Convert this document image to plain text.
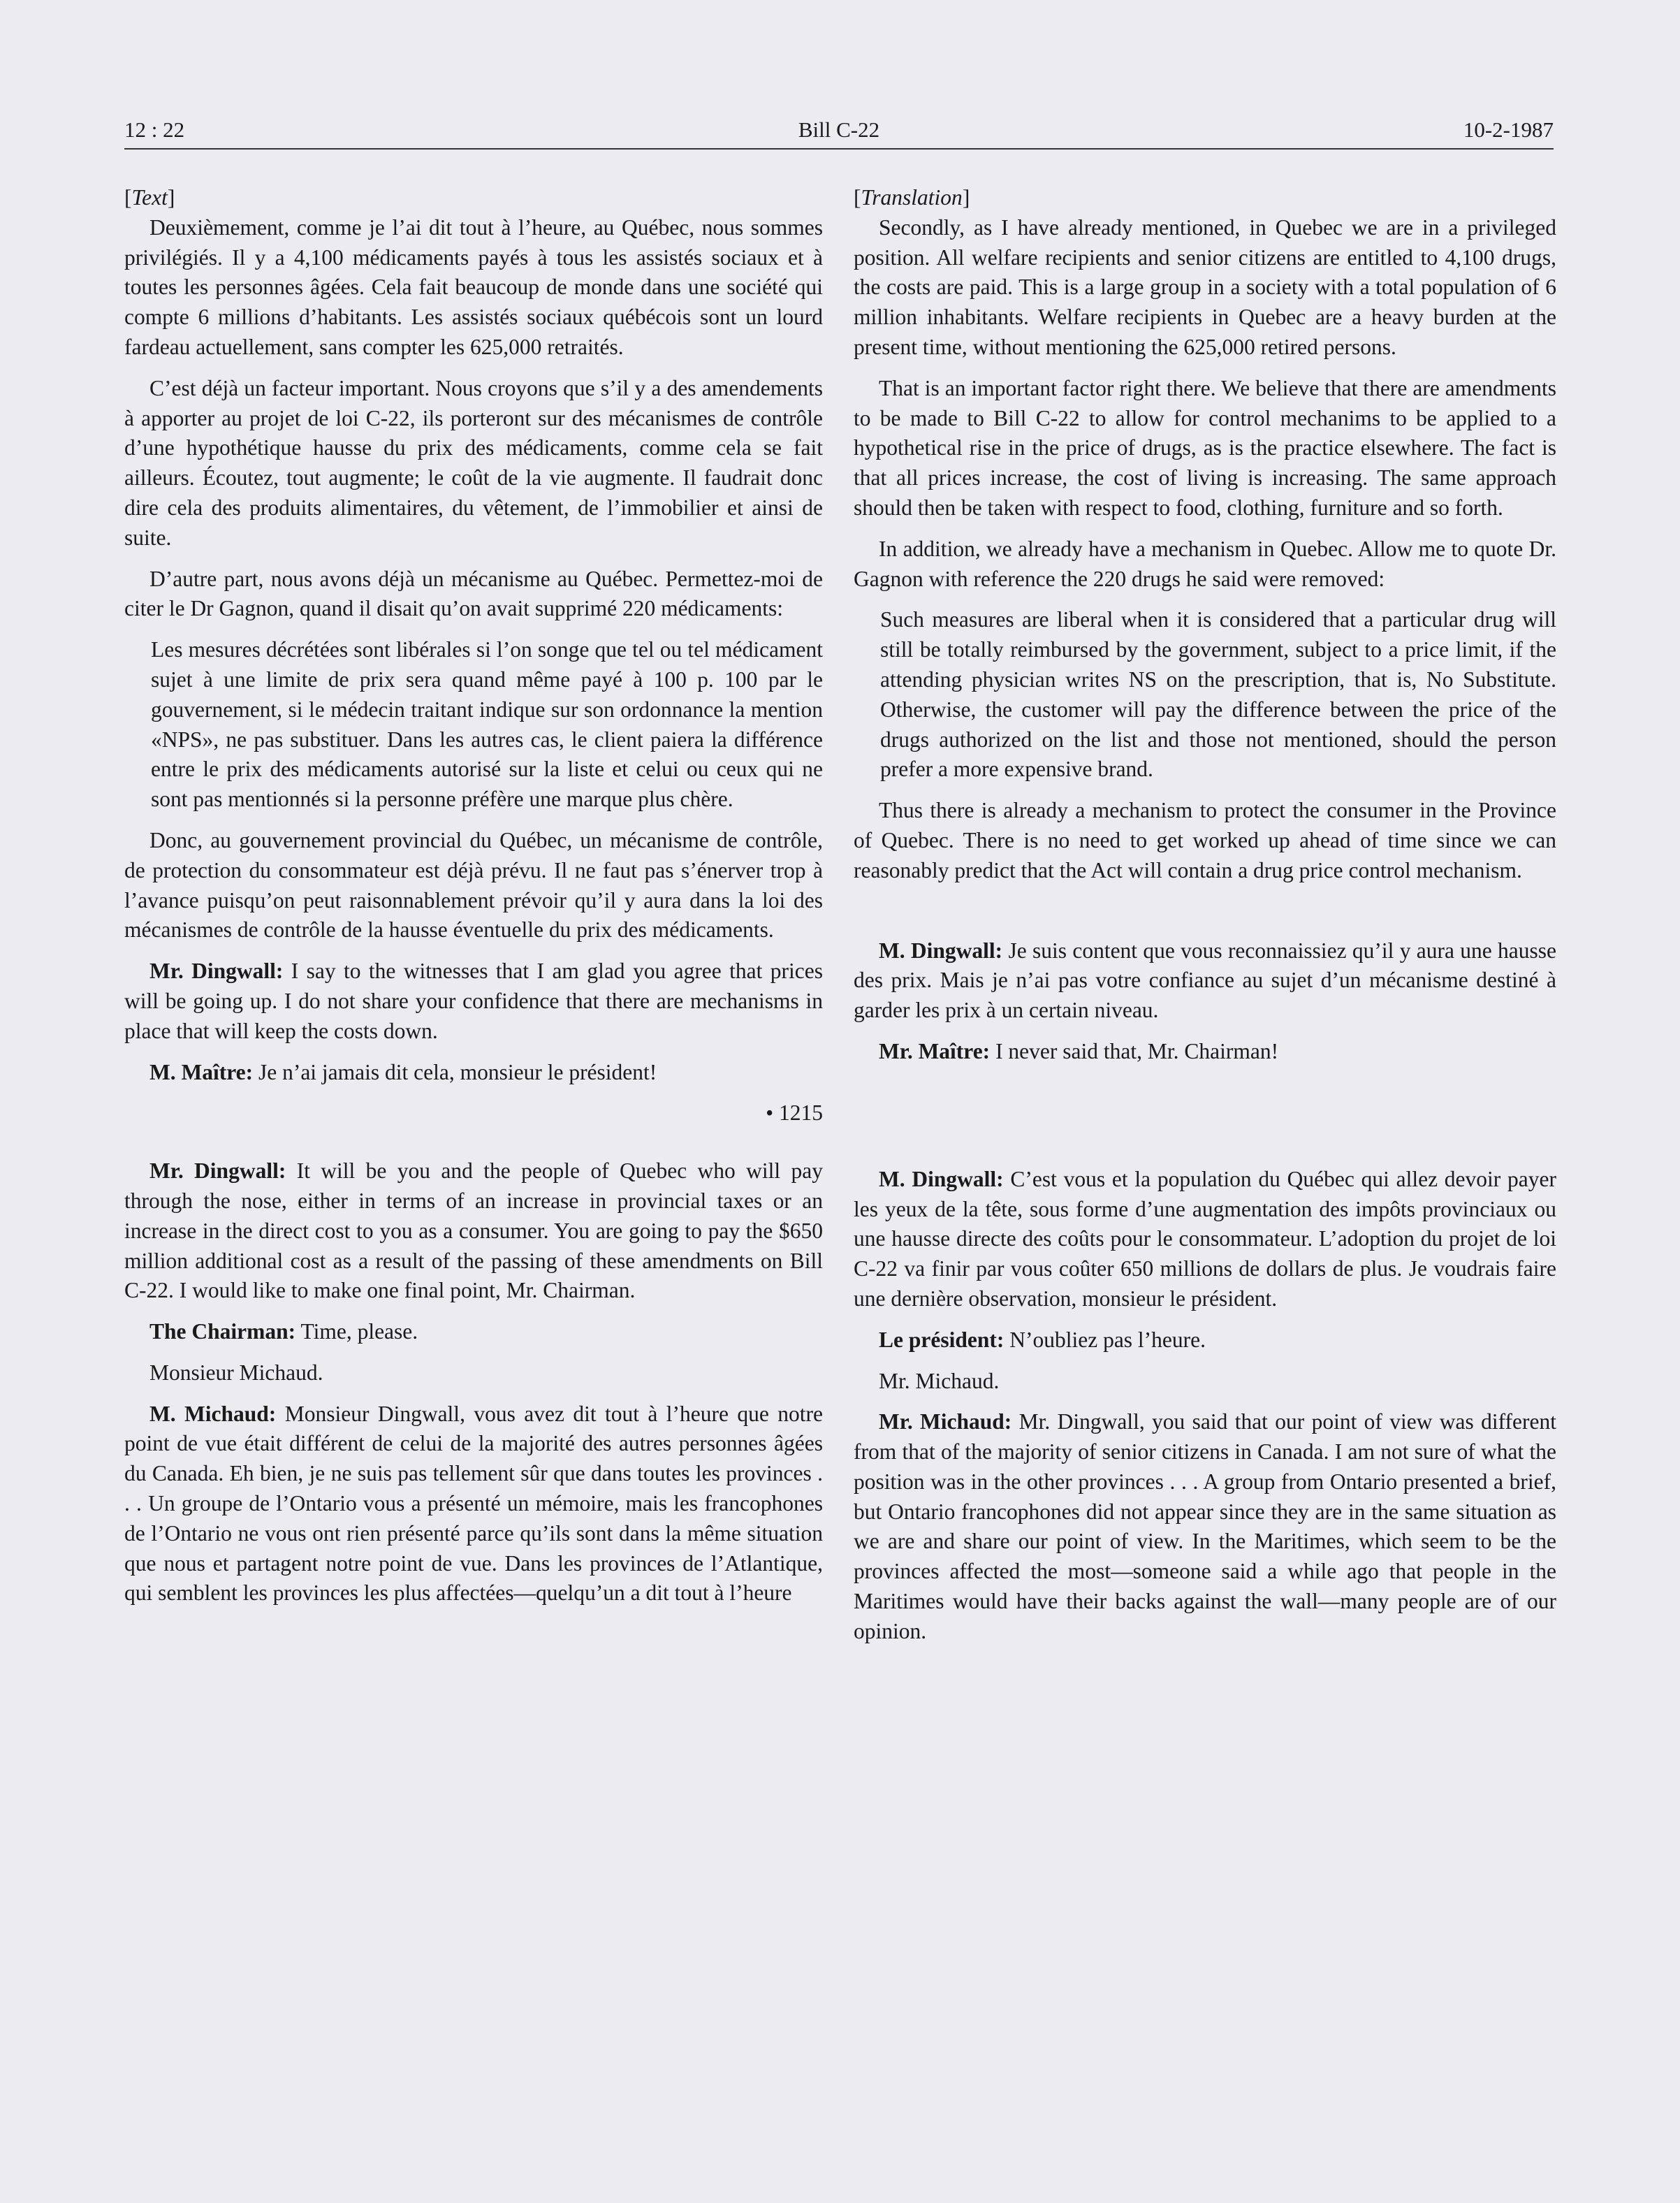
12 : 22	Bill C-22	10-2-1987

[Text]

Deuxièmement, comme je l’ai dit tout à l’heure, au Québec, nous sommes privilégiés. Il y a 4,100 médicaments payés à tous les assistés sociaux et à toutes les personnes âgées. Cela fait beaucoup de monde dans une société qui compte 6 millions d’habitants. Les assistés sociaux québécois sont un lourd fardeau actuellement, sans compter les 625,000 retraités.

C’est déjà un facteur important. Nous croyons que s’il y a des amendements à apporter au projet de loi C-22, ils porteront sur des mécanismes de contrôle d’une hypothétique hausse du prix des médicaments, comme cela se fait ailleurs. Écoutez, tout augmente; le coût de la vie augmente. Il faudrait donc dire cela des produits alimentaires, du vêtement, de l’immobilier et ainsi de suite.

D’autre part, nous avons déjà un mécanisme au Québec. Permettez-moi de citer le Dr Gagnon, quand il disait qu’on avait supprimé 220 médicaments:

Les mesures décrétées sont libérales si l’on songe que tel ou tel médicament sujet à une limite de prix sera quand même payé à 100 p. 100 par le gouvernement, si le médecin traitant indique sur son ordonnance la mention «NPS», ne pas substituer. Dans les autres cas, le client paiera la différence entre le prix des médicaments autorisé sur la liste et celui ou ceux qui ne sont pas mentionnés si la personne préfère une marque plus chère.

Donc, au gouvernement provincial du Québec, un mécanisme de contrôle, de protection du consommateur est déjà prévu. Il ne faut pas s’énerver trop à l’avance puisqu’on peut raisonnablement prévoir qu’il y aura dans la loi des mécanismes de contrôle de la hausse éventuelle du prix des médicaments.

Mr. Dingwall: I say to the witnesses that I am glad you agree that prices will be going up. I do not share your confidence that there are mechanisms in place that will keep the costs down.

M. Maître: Je n’ai jamais dit cela, monsieur le président!

• 1215

Mr. Dingwall: It will be you and the people of Quebec who will pay through the nose, either in terms of an increase in provincial taxes or an increase in the direct cost to you as a consumer. You are going to pay the $650 million additional cost as a result of the passing of these amendments on Bill C-22. I would like to make one final point, Mr. Chairman.

The Chairman: Time, please.

Monsieur Michaud.

M. Michaud: Monsieur Dingwall, vous avez dit tout à l’heure que notre point de vue était différent de celui de la majorité des autres personnes âgées du Canada. Eh bien, je ne suis pas tellement sûr que dans toutes les provinces . . . Un groupe de l’Ontario vous a présenté un mémoire, mais les francophones de l’Ontario ne vous ont rien présenté parce qu’ils sont dans la même situation que nous et partagent notre point de vue. Dans les provinces de l’Atlantique, qui semblent les provinces les plus affectées—quelqu’un a dit tout à l’heure

[Translation]

Secondly, as I have already mentioned, in Quebec we are in a privileged position. All welfare recipients and senior citizens are entitled to 4,100 drugs, the costs are paid. This is a large group in a society with a total population of 6 million inhabitants. Welfare recipients in Quebec are a heavy burden at the present time, without mentioning the 625,000 retired persons.

That is an important factor right there. We believe that there are amendments to be made to Bill C-22 to allow for control mechanims to be applied to a hypothetical rise in the price of drugs, as is the practice elsewhere. The fact is that all prices increase, the cost of living is increasing. The same approach should then be taken with respect to food, clothing, furniture and so forth.

In addition, we already have a mechanism in Quebec. Allow me to quote Dr. Gagnon with reference the 220 drugs he said were removed:

Such measures are liberal when it is considered that a particular drug will still be totally reimbursed by the government, subject to a price limit, if the attending physician writes NS on the prescription, that is, No Substitute. Otherwise, the customer will pay the difference between the price of the drugs authorized on the list and those not mentioned, should the person prefer a more expensive brand.

Thus there is already a mechanism to protect the consumer in the Province of Quebec. There is no need to get worked up ahead of time since we can reasonably predict that the Act will contain a drug price control mechanism.

M. Dingwall: Je suis content que vous reconnaissiez qu’il y aura une hausse des prix. Mais je n’ai pas votre confiance au sujet d’un mécanisme destiné à garder les prix à un certain niveau.

Mr. Maître: I never said that, Mr. Chairman!

M. Dingwall: C’est vous et la population du Québec qui allez devoir payer les yeux de la tête, sous forme d’une augmentation des impôts provinciaux ou une hausse directe des coûts pour le consommateur. L’adoption du projet de loi C-22 va finir par vous coûter 650 millions de dollars de plus. Je voudrais faire une dernière observation, monsieur le président.

Le président: N’oubliez pas l’heure.

Mr. Michaud.

Mr. Michaud: Mr. Dingwall, you said that our point of view was different from that of the majority of senior citizens in Canada. I am not sure of what the position was in the other provinces . . . A group from Ontario presented a brief, but Ontario francophones did not appear since they are in the same situation as we are and share our point of view. In the Maritimes, which seem to be the provinces affected the most—someone said a while ago that people in the Maritimes would have their backs against the wall—many people are of our opinion.
